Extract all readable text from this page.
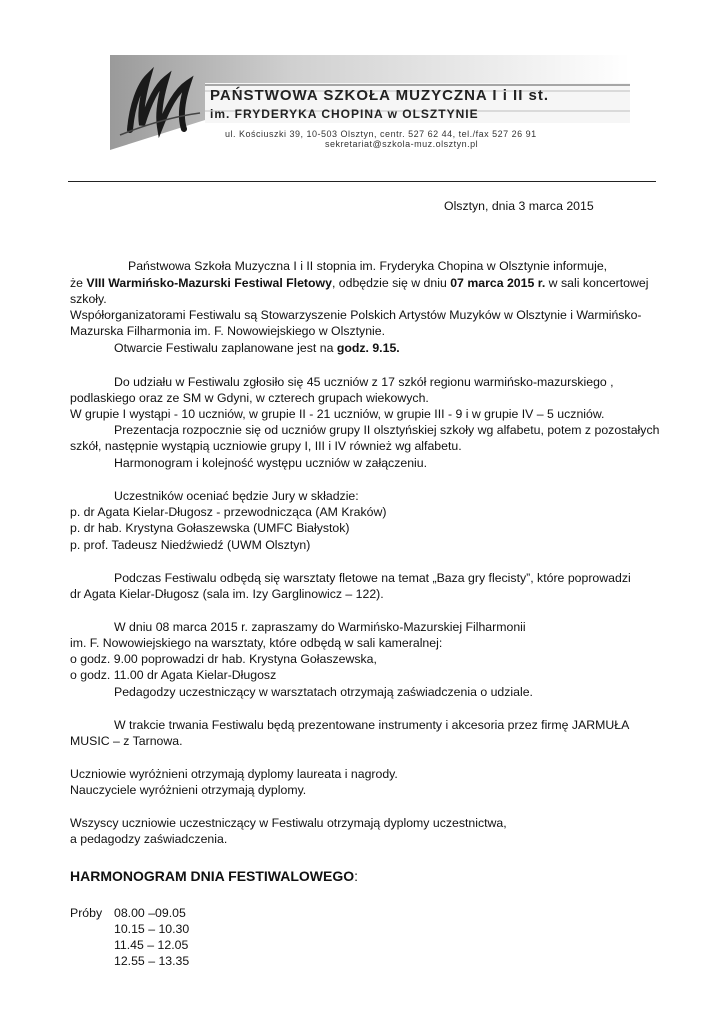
PAŃSTWOWA SZKOŁA MUZYCZNA I i II st.
im. FRYDERYKA CHOPINA w OLSZTYNIE
ul. Kościuszki 39, 10-503 Olsztyn, centr. 527 62 44, tel./fax 527 26 91
sekretariat@szkola-muz.olsztyn.pl
Olsztyn, dnia 3 marca 2015
Państwowa Szkoła Muzyczna I i II stopnia im. Fryderyka Chopina w Olsztynie informuje,
że VIII Warmińsko-Mazurski Festiwal Fletowy, odbędzie się w dniu 07 marca 2015 r. w sali koncertowej
szkoły.
Współorganizatorami Festiwalu są Stowarzyszenie Polskich Artystów Muzyków w Olsztynie i Warmińsko-
Mazurska Filharmonia im. F. Nowowiejskiego w Olsztynie.
Otwarcie Festiwalu zaplanowane jest na godz. 9.15.
Do udziału w Festiwalu zgłosiło się 45 uczniów z 17 szkół regionu warmińsko-mazurskiego ,
podlaskiego oraz ze SM w Gdyni, w czterech grupach wiekowych.
W grupie I wystąpi - 10 uczniów, w grupie II - 21 uczniów, w grupie III - 9 i w grupie IV – 5 uczniów.
Prezentacja rozpocznie się od uczniów grupy II olsztyńskiej szkoły wg alfabetu, potem z pozostałych
szkół, następnie wystąpią uczniowie grupy I, III i IV również wg alfabetu.
Harmonogram i kolejność występu uczniów w załączeniu.
Uczestników oceniać będzie Jury w składzie:
p. dr Agata Kielar-Długosz - przewodnicząca (AM Kraków)
p. dr hab. Krystyna Gołaszewska (UMFC Białystok)
p. prof. Tadeusz Niedźwiedź (UWM Olsztyn)
Podczas Festiwalu odbędą się warsztaty fletowe na temat „Baza gry flecisty”, które poprowadzi
dr Agata Kielar-Długosz (sala im. Izy Garglinowicz – 122).
W dniu 08 marca 2015 r. zapraszamy do Warmińsko-Mazurskiej Filharmonii
im. F. Nowowiejskiego na warsztaty, które odbędą w sali kameralnej:
o godz. 9.00 poprowadzi dr hab. Krystyna Gołaszewska,
o godz. 11.00 dr Agata Kielar-Długosz
Pedagodzy uczestniczący w warsztatach otrzymają zaświadczenia o udziale.
W trakcie trwania Festiwalu będą prezentowane instrumenty i akcesoria przez firmę JARMUŁA
MUSIC – z Tarnowa.
Uczniowie wyróżnieni otrzymają dyplomy laureata i nagrody.
Nauczyciele wyróżnieni otrzymają dyplomy.
Wszyscy uczniowie uczestniczący w Festiwalu otrzymają dyplomy uczestnictwa,
a pedagodzy zaświadczenia.
HARMONOGRAM DNIA FESTIWALOWEGO:
Próby 08.00 –09.05
10.15 – 10.30
11.45 – 12.05
12.55 – 13.35
